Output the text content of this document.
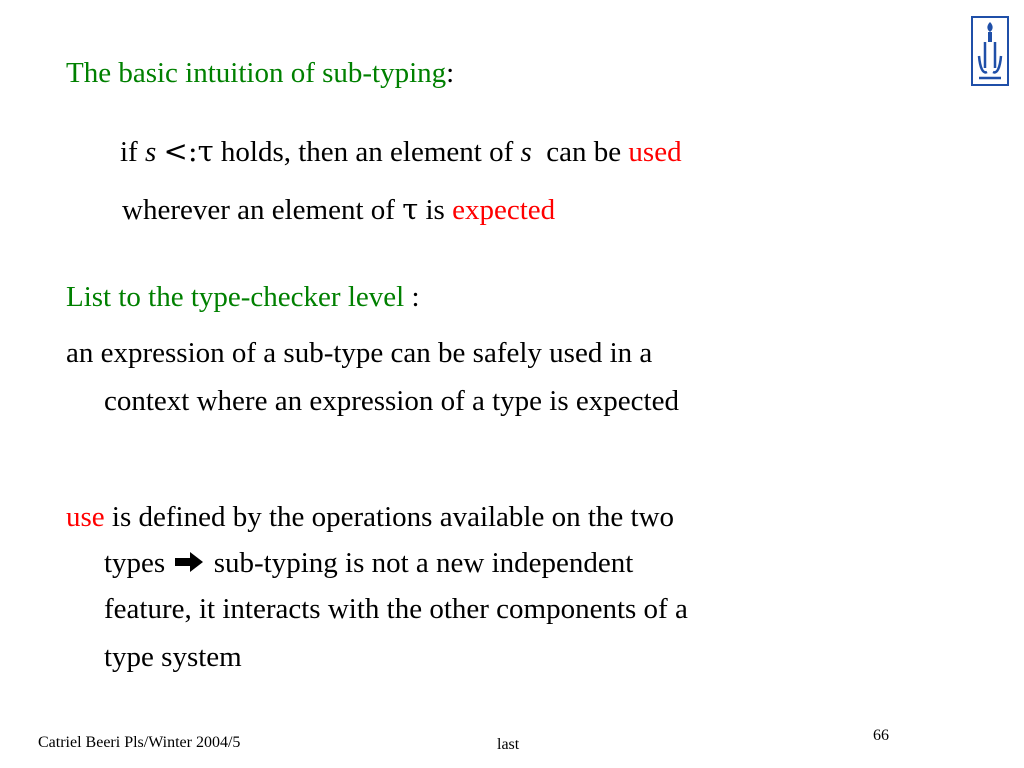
The basic intuition of sub-typing:
if s <:τ holds, then an element of s can be used
wherever an element of τ is expected
List to the type-checker level :
an expression of a sub-type can be safely used in a
context where an expression of a type is expected
use is defined by the operations available on the two
types sub-typing is not a new independent
feature, it interacts with the other components of a
type system
Catriel Beeri Pls/Winter 2004/5	last
66
